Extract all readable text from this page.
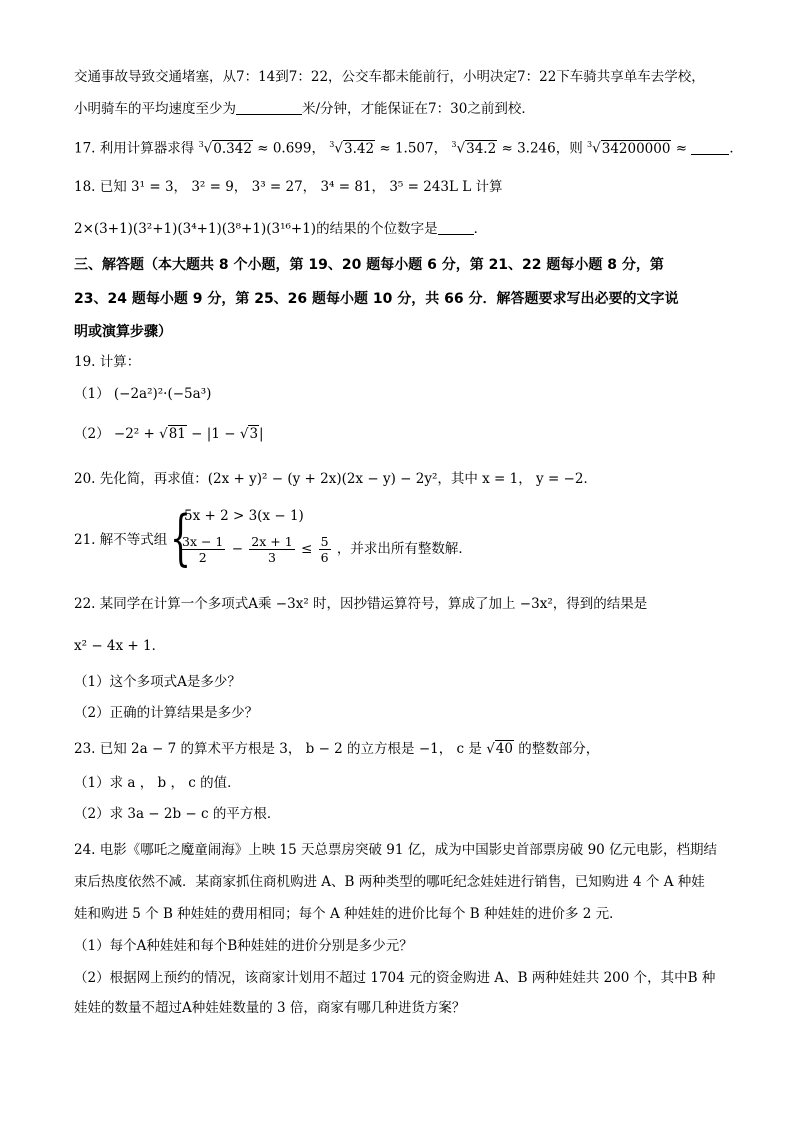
交通事故导致交通堵塞，从7：14到7：22，公交车都未能前行，小明决定7：22下车骑共享单车去学校，
小明骑车的平均速度至少为	米/分钟，才能保证在7：30之前到校．
17. 利用计算器求得 $^3$√0.342 ≈ 0.699， $^3$√3.42 ≈ 1.507， $^3$√34.2 ≈ 3.246，则 $^3$√34200000 ≈	．
18. 已知 3¹ = 3， 3² = 9， 3³ = 27， 3⁴ = 81， 3⁵ = 243L L 计算
2×(3+1)(3²+1)(3⁴+1)(3⁸+1)(3¹⁶+1)的结果的个位数字是	．
三、解答题（本大题共 8 个小题，第 19、20 题每小题 6 分，第 21、22 题每小题 8 分，第
23、24 题每小题 9 分，第 25、26 题每小题 10 分，共 66 分．解答题要求写出必要的文字说
明或演算步骤）
19. 计算：
（1） (−2a²)²·(−5a³)
（2） −2² + √81 − |1 − √3|
20. 先化简，再求值：(2x + y)² − (y + 2x)(2x − y) − 2y²，其中 x = 1， y = −2．
21. 解不等式组 {
5x + 2 > 3(x − 1)
$\frac{3x - 1}{2} - \frac{2x + 1}{3} \le \frac{5}{6}$ ，并求出所有整数解．
22. 某同学在计算一个多项式A乘 −3x² 时，因抄错运算符号，算成了加上 −3x²，得到的结果是
x² − 4x + 1．
（1）这个多项式A是多少？
（2）正确的计算结果是多少？
23. 已知 2a − 7 的算术平方根是 3， b − 2 的立方根是 −1， c 是 √40 的整数部分，
（1）求 a ， b ， c 的值．
（2）求 3a − 2b − c 的平方根．
24. 电影《哪吒之魔童闹海》上映 15 天总票房突破 91 亿，成为中国影史首部票房破 90 亿元电影，档期结
束后热度依然不减．某商家抓住商机购进 A、B 两种类型的哪吒纪念娃娃进行销售，已知购进 4 个 A 种娃
娃和购进 5 个 B 种娃娃的费用相同；每个 A 种娃娃的进价比每个 B 种娃娃的进价多 2 元．
（1）每个A种娃娃和每个B种娃娃的进价分别是多少元？
（2）根据网上预约的情况，该商家计划用不超过 1704 元的资金购进 A、B 两种娃娃共 200 个，其中B 种
娃娃的数量不超过A种娃娃数量的 3 倍，商家有哪几种进货方案？
